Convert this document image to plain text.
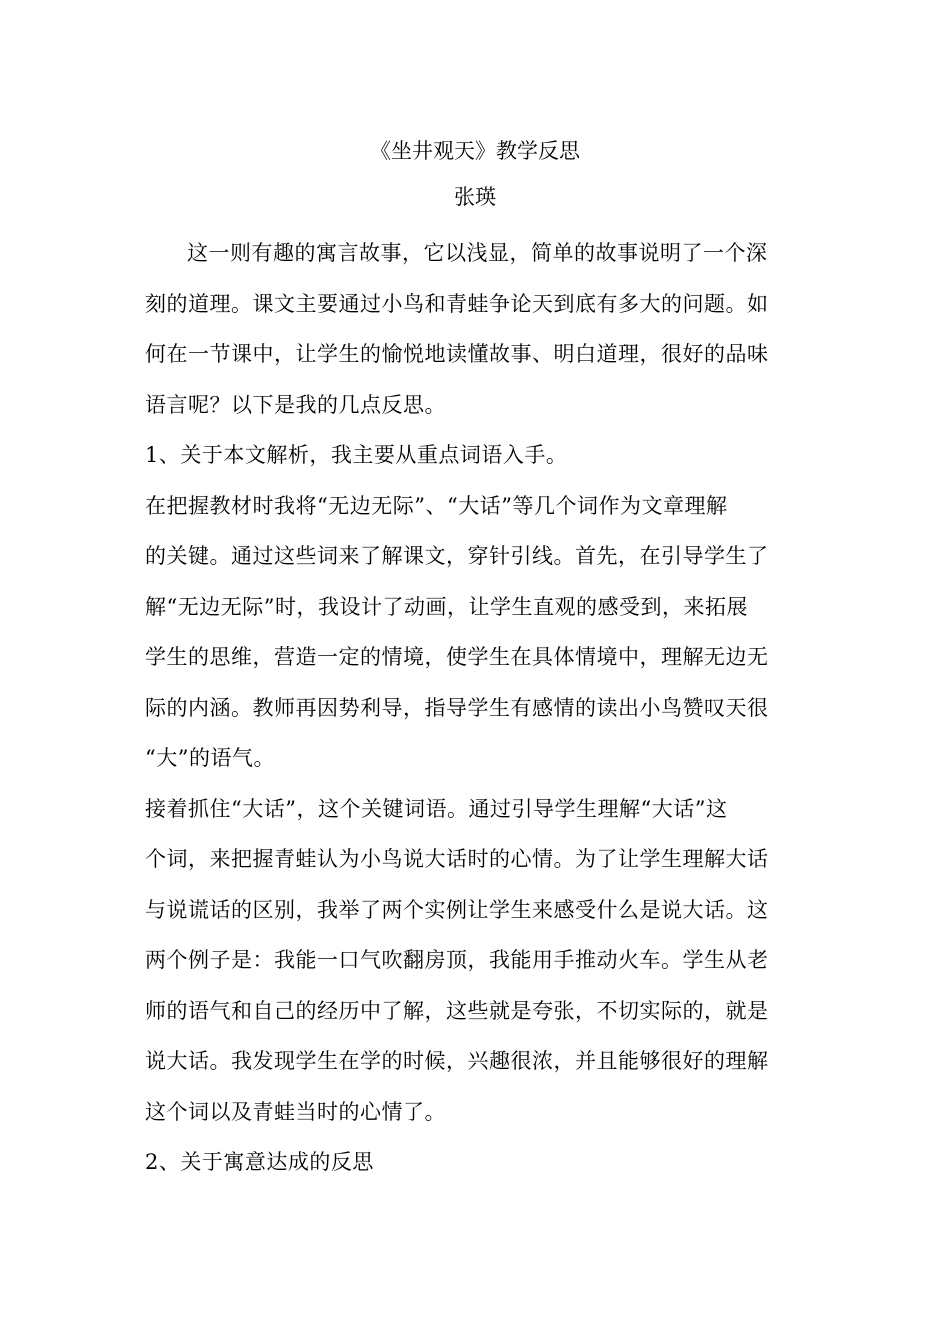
《坐井观天》教学反思
张瑛
这一则有趣的寓言故事，它以浅显，简单的故事说明了一个深
刻的道理。课文主要通过小鸟和青蛙争论天到底有多大的问题。如
何在一节课中，让学生的愉悦地读懂故事、明白道理，很好的品味
语言呢？以下是我的几点反思。
1、关于本文解析，我主要从重点词语入手。
在把握教材时我将“无边无际”、“大话”等几个词作为文章理解
的关键。通过这些词来了解课文，穿针引线。首先，在引导学生了
解“无边无际”时，我设计了动画，让学生直观的感受到，来拓展
学生的思维，营造一定的情境，使学生在具体情境中，理解无边无
际的内涵。教师再因势利导，指导学生有感情的读出小鸟赞叹天很
“大”的语气。
接着抓住“大话”，这个关键词语。通过引导学生理解“大话”这
个词，来把握青蛙认为小鸟说大话时的心情。为了让学生理解大话
与说谎话的区别，我举了两个实例让学生来感受什么是说大话。这
两个例子是：我能一口气吹翻房顶，我能用手推动火车。学生从老
师的语气和自己的经历中了解，这些就是夸张，不切实际的，就是
说大话。我发现学生在学的时候，兴趣很浓，并且能够很好的理解
这个词以及青蛙当时的心情了。
2、关于寓意达成的反思
